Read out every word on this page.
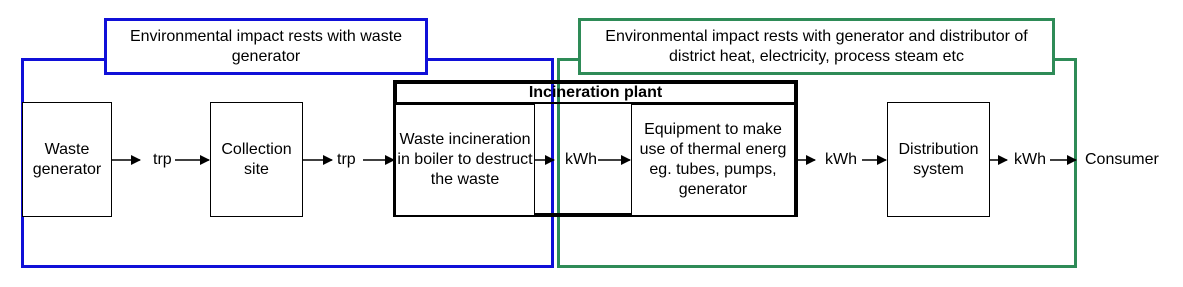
Environmental impact rests with waste generator
Environmental impact rests with generator and distributor of district heat, electricity, process steam etc
Incineration plant
Waste generator
Collection site
Waste incineration in boiler to destruct the waste
Equipment to make use of thermal energ eg. tubes, pumps, generator
Distribution system
trp	trp	kWh	kWh	kWh Consumer
